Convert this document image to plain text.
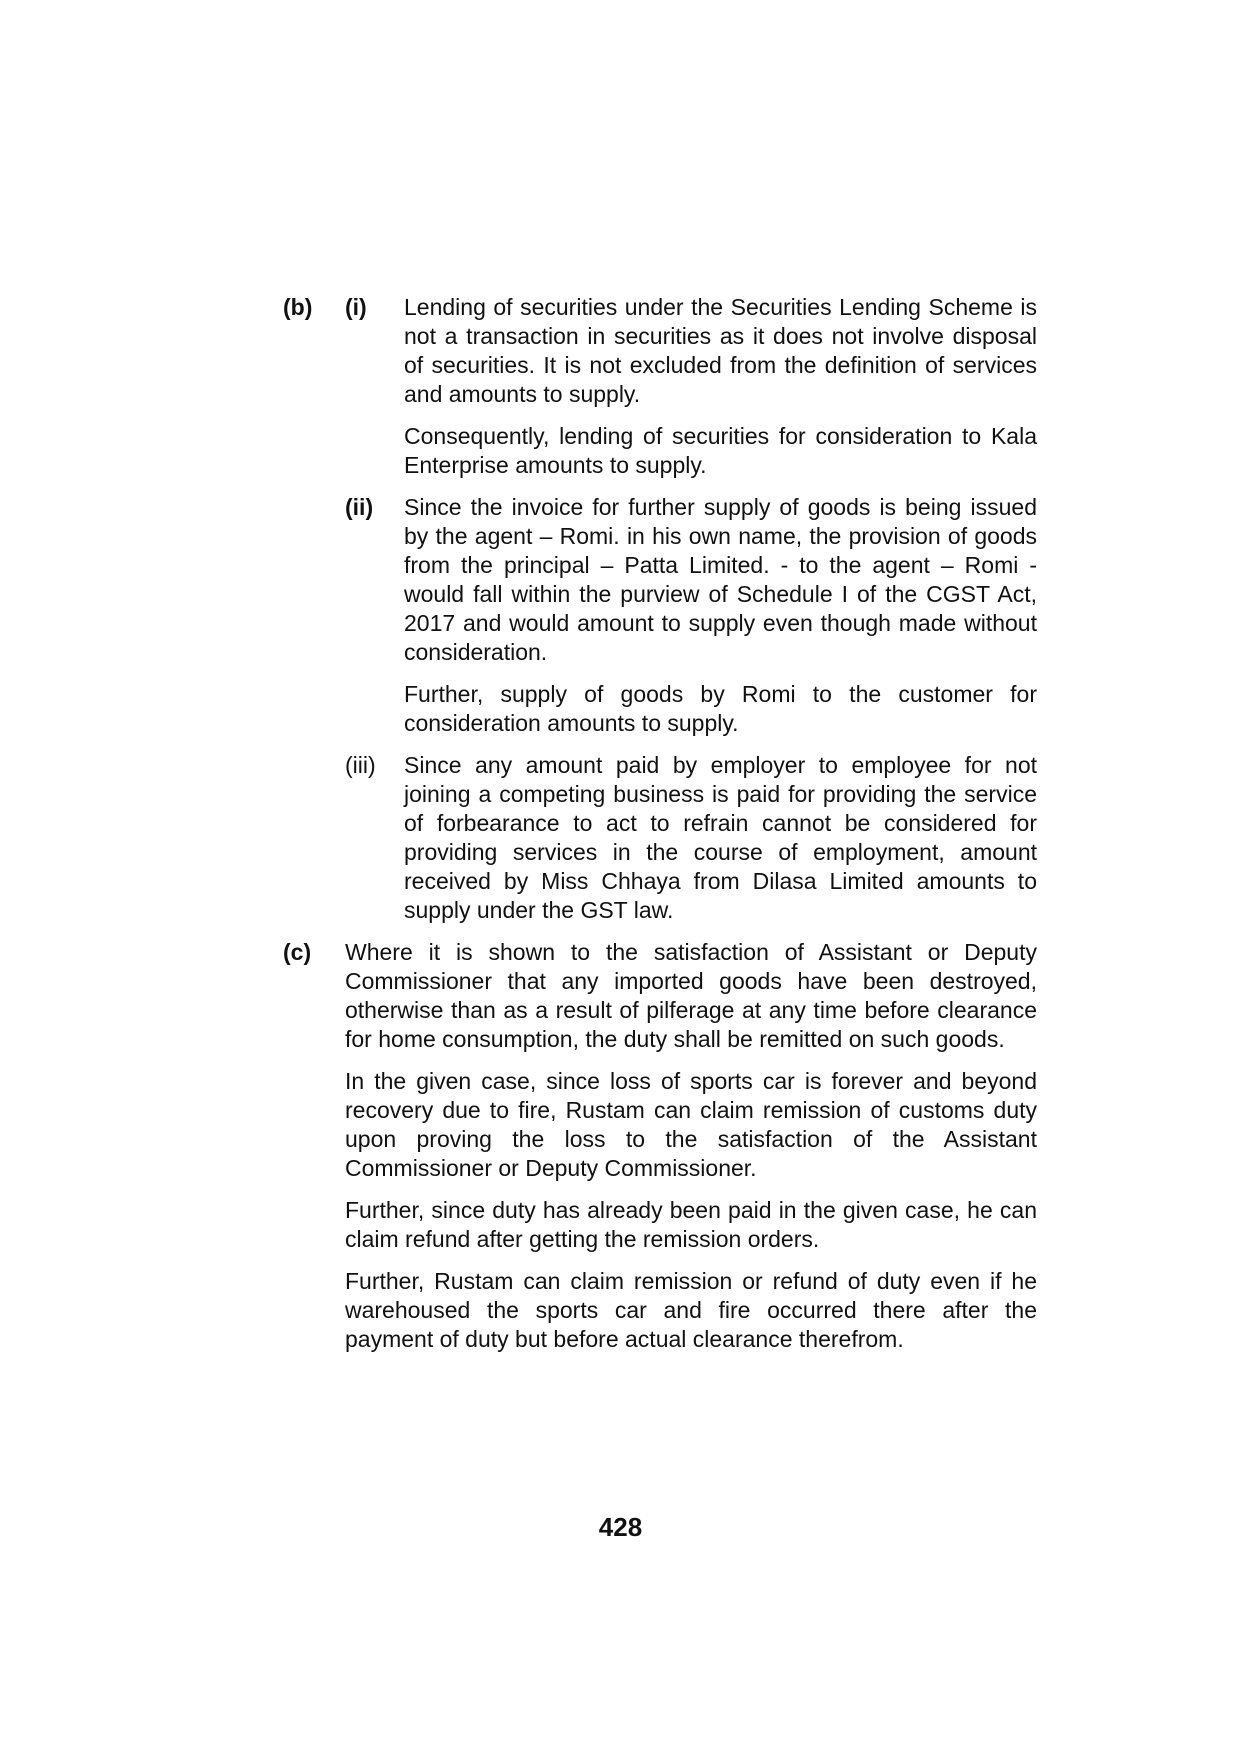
(b)	(i)	Lending of securities under the Securities Lending Scheme is not a transaction in securities as it does not involve disposal of securities. It is not excluded from the definition of services and amounts to supply.

Consequently, lending of securities for consideration to Kala Enterprise amounts to supply.

(ii)	Since the invoice for further supply of goods is being issued by the agent – Romi. in his own name, the provision of goods from the principal – Patta Limited. - to the agent – Romi - would fall within the purview of Schedule I of the CGST Act, 2017 and would amount to supply even though made without consideration.

Further, supply of goods by Romi to the customer for consideration amounts to supply.

(iii)	Since any amount paid by employer to employee for not joining a competing business is paid for providing the service of forbearance to act to refrain cannot be considered for providing services in the course of employment, amount received by Miss Chhaya from Dilasa Limited amounts to supply under the GST law.

(c)	Where it is shown to the satisfaction of Assistant or Deputy Commissioner that any imported goods have been destroyed, otherwise than as a result of pilferage at any time before clearance for home consumption, the duty shall be remitted on such goods.

In the given case, since loss of sports car is forever and beyond recovery due to fire, Rustam can claim remission of customs duty upon proving the loss to the satisfaction of the Assistant Commissioner or Deputy Commissioner.

Further, since duty has already been paid in the given case, he can claim refund after getting the remission orders.

Further, Rustam can claim remission or refund of duty even if he warehoused the sports car and fire occurred there after the payment of duty but before actual clearance therefrom.

428
